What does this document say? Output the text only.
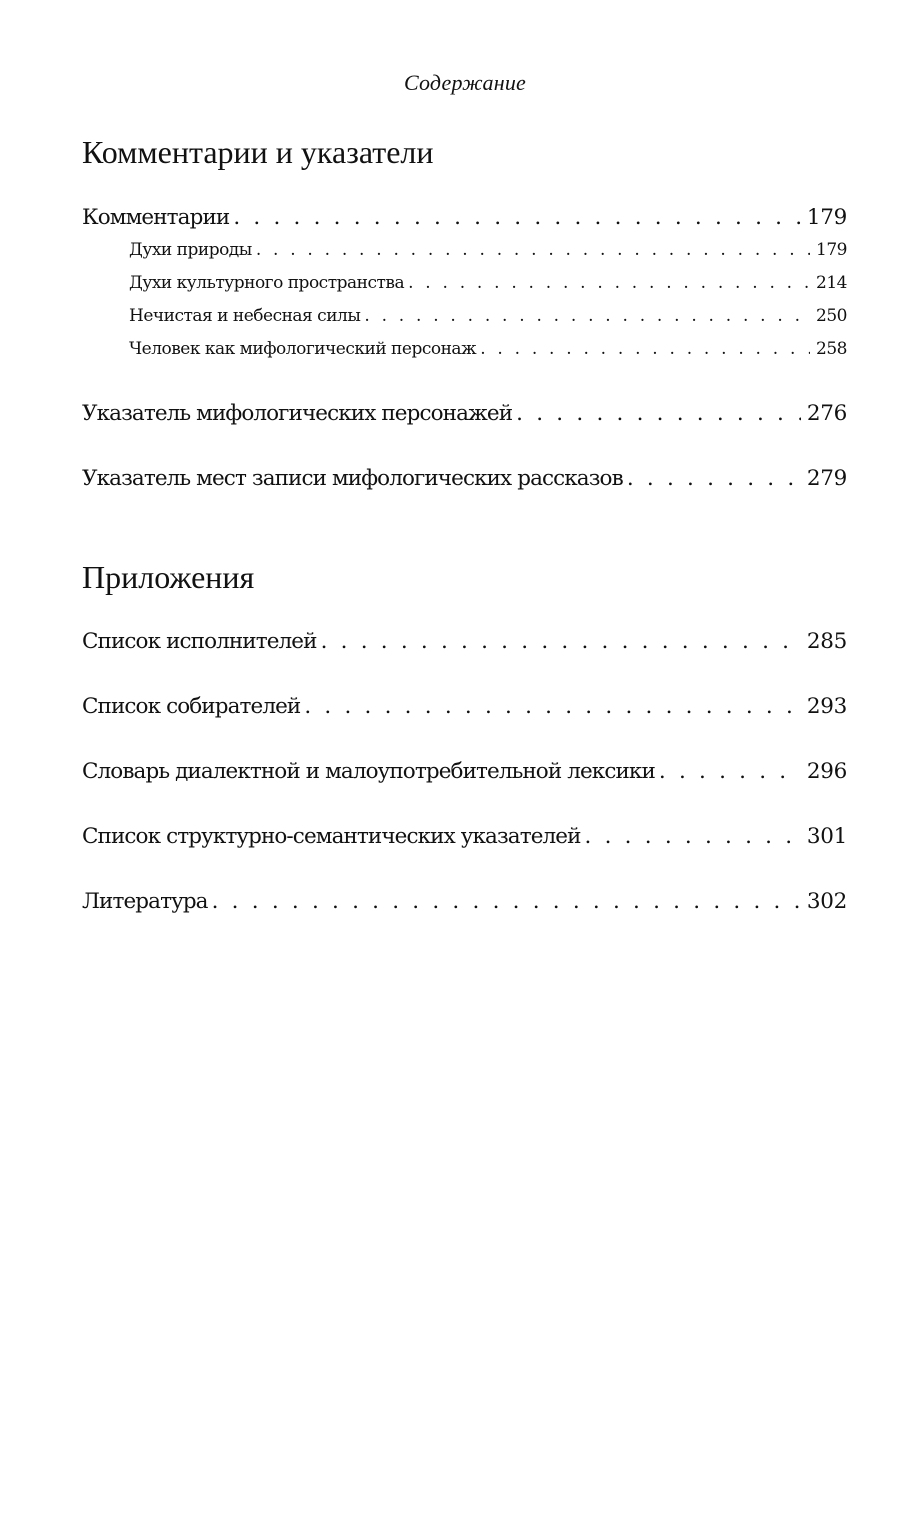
Содержание
Комментарии и указатели
Комментарии . . .	179
Духи природы . . .	179
Духи культурного пространства . . .	214
Нечистая и небесная силы . . .	250
Человек как мифологический персонаж . . .	258
Указатель мифологических персонажей . . .	276
Указатель мест записи мифологических рассказов . . .	279
Приложения
Список исполнителей . . .	285
Список собирателей . . .	293
Словарь диалектной и малоупотребительной лексики . . .	296
Список структурно-семантических указателей . . .	301
Литература . . .	302
